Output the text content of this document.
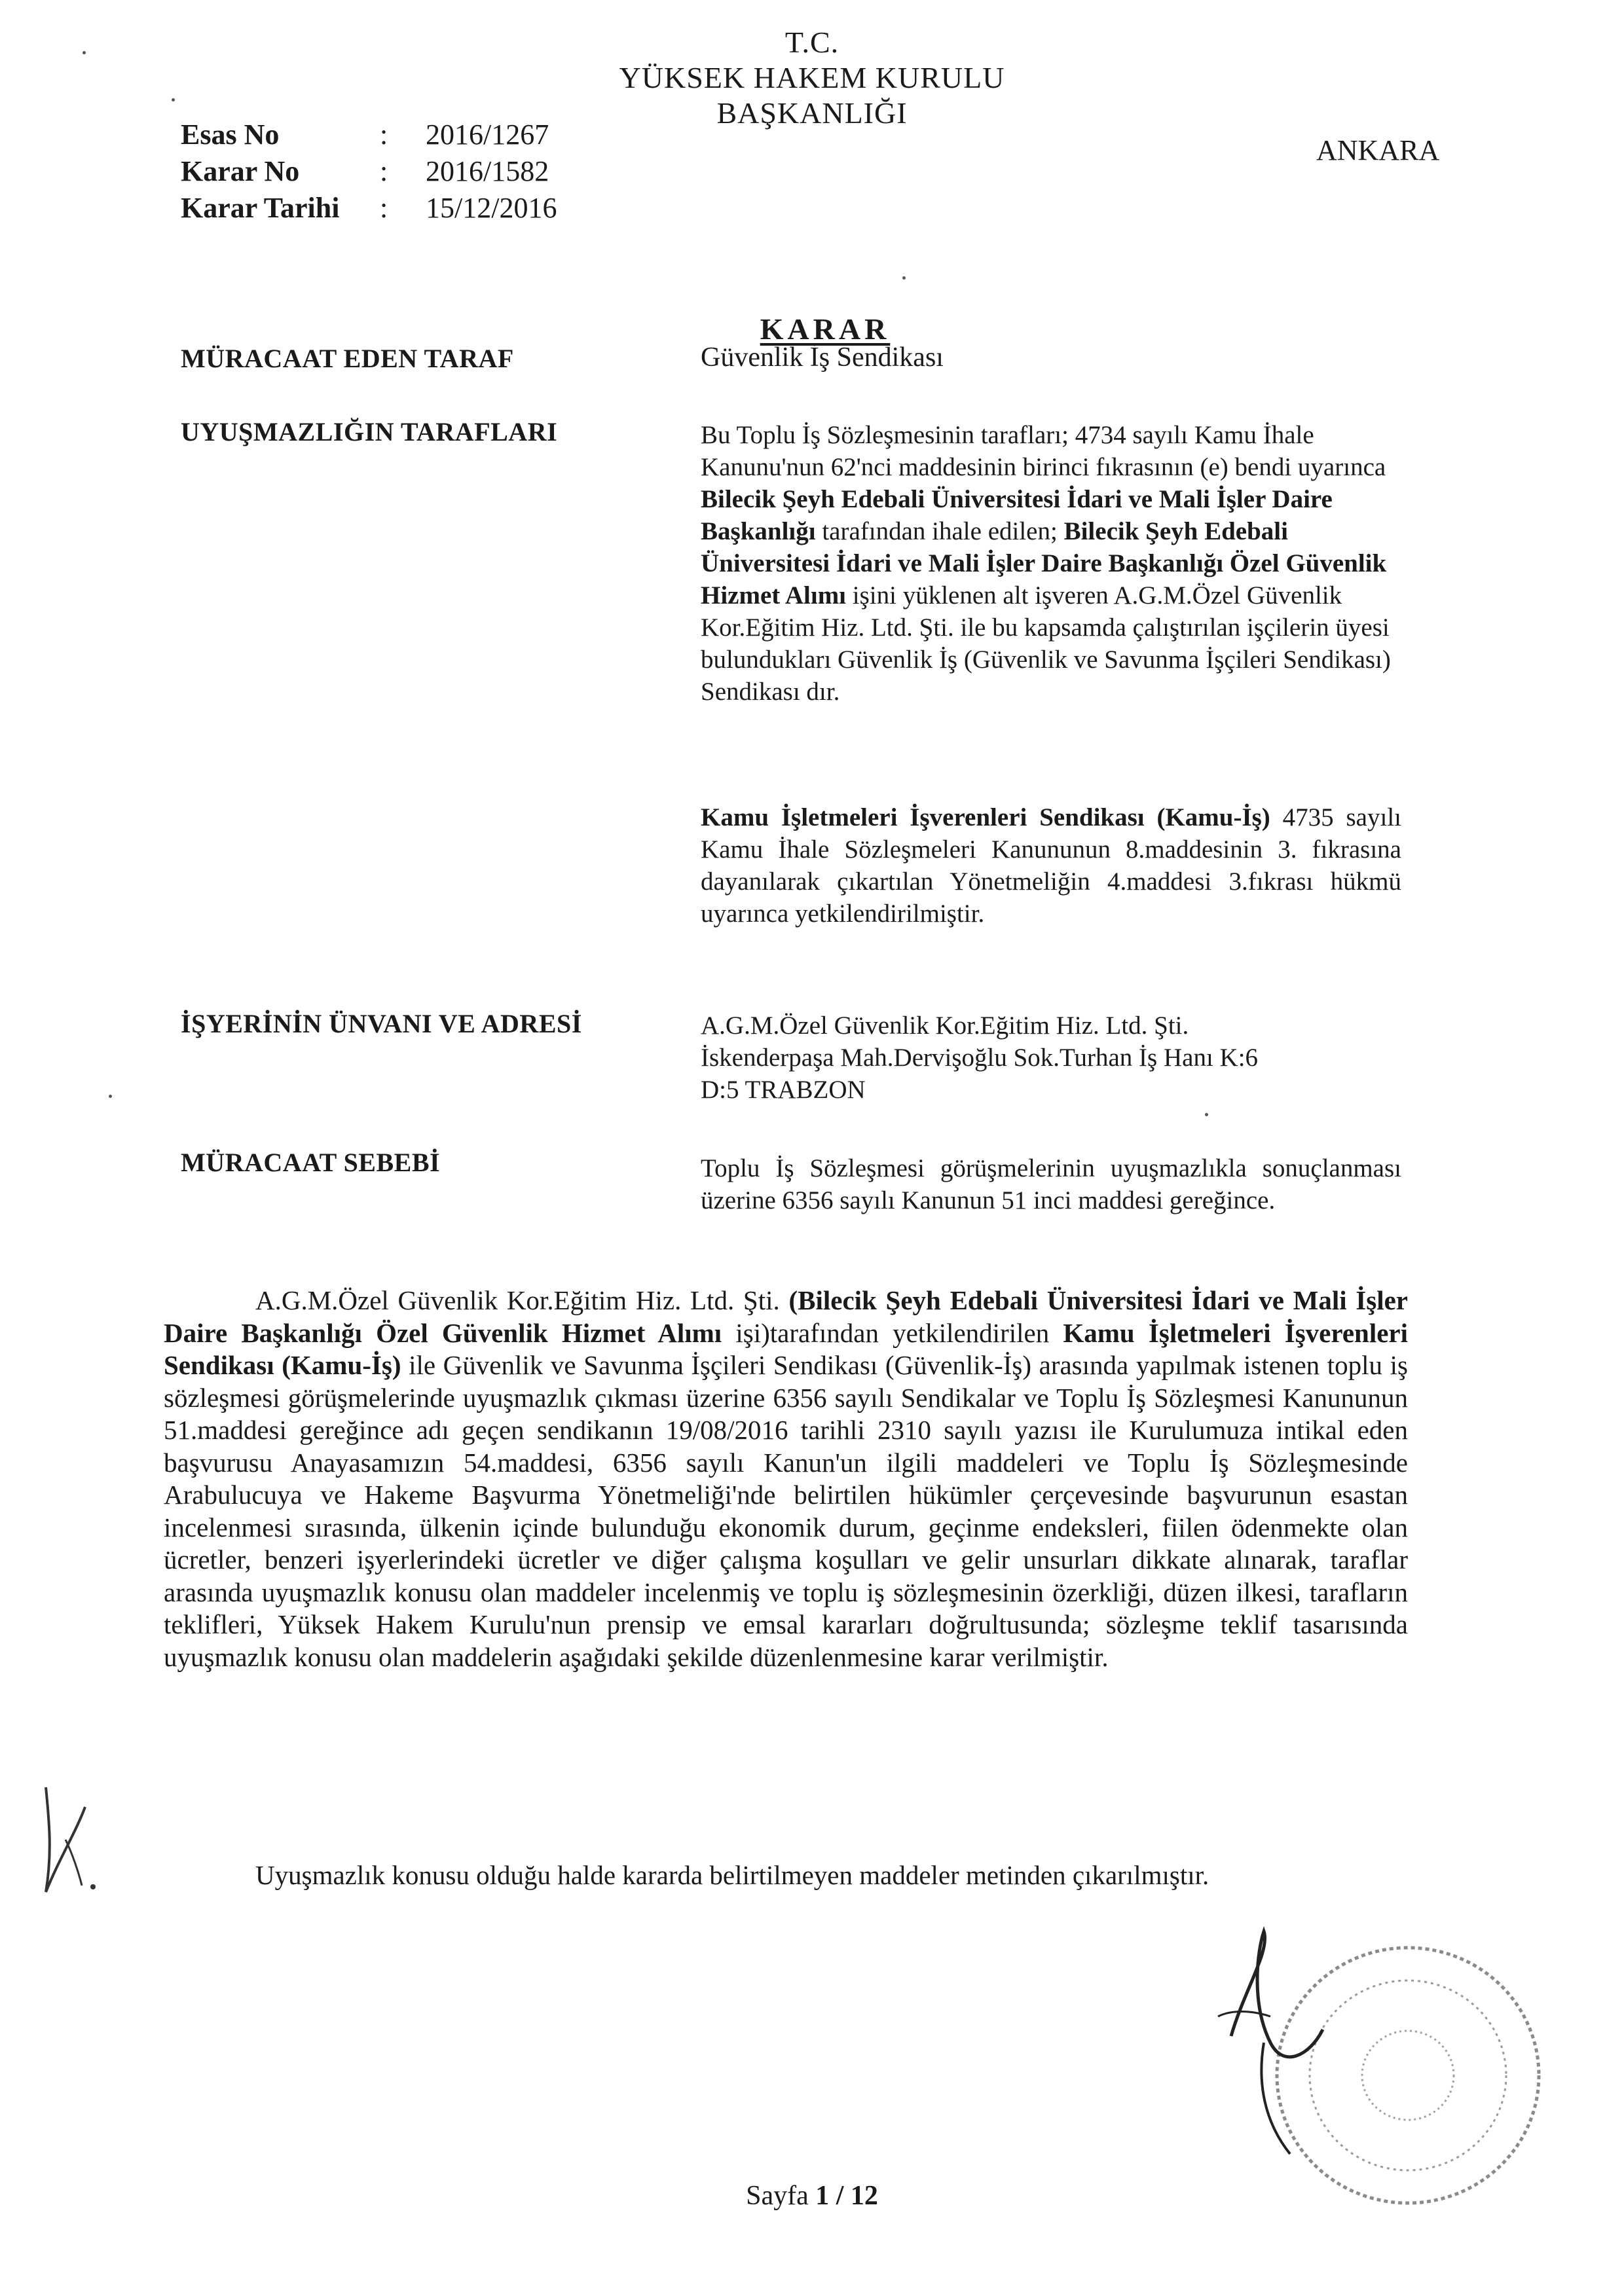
T.C.
YÜKSEK HAKEM KURULU
BAŞKANLIĞI
ANKARA
Esas No	: 2016/1267
Karar No	: 2016/1582
Karar Tarihi : 15/12/2016
KARAR
MÜRACAAT EDEN TARAF	Güvenlik İş Sendikası
UYUŞMAZLIĞIN TARAFLARI	Bu Toplu İş Sözleşmesinin tarafları; 4734 sayılı Kamu İhale Kanunu'nun 62'nci maddesinin birinci fıkrasının (e) bendi uyarınca Bilecik Şeyh Edebali Üniversitesi İdari ve Mali İşler Daire Başkanlığı tarafından ihale edilen; Bilecik Şeyh Edebali Üniversitesi İdari ve Mali İşler Daire Başkanlığı Özel Güvenlik Hizmet Alımı işini yüklenen alt işveren A.G.M.Özel Güvenlik Kor.Eğitim Hiz. Ltd. Şti. ile bu kapsamda çalıştırılan işçilerin üyesi bulundukları Güvenlik İş (Güvenlik ve Savunma İşçileri Sendikası) Sendikası dır.
Kamu İşletmeleri İşverenleri Sendikası (Kamu-İş) 4735 sayılı Kamu İhale Sözleşmeleri Kanununun 8.maddesinin 3. fıkrasına dayanılarak çıkartılan Yönetmeliğin 4.maddesi 3.fıkrası hükmü uyarınca yetkilendirilmiştir.
İŞYERİNİN ÜNVANI VE ADRESİ	A.G.M.Özel Güvenlik Kor.Eğitim Hiz. Ltd. Şti.
İskenderpaşa Mah.Dervişoğlu Sok.Turhan İş Hanı K:6
D:5 TRABZON
MÜRACAAT SEBEBİ	Toplu İş Sözleşmesi görüşmelerinin uyuşmazlıkla sonuçlanması üzerine 6356 sayılı Kanunun 51 inci maddesi gereğince.
A.G.M.Özel Güvenlik Kor.Eğitim Hiz. Ltd. Şti. (Bilecik Şeyh Edebali Üniversitesi İdari ve Mali İşler Daire Başkanlığı Özel Güvenlik Hizmet Alımı işi)tarafından yetkilendirilen Kamu İşletmeleri İşverenleri Sendikası (Kamu-İş) ile Güvenlik ve Savunma İşçileri Sendikası (Güvenlik-İş) arasında yapılmak istenen toplu iş sözleşmesi görüşmelerinde uyuşmazlık çıkması üzerine 6356 sayılı Sendikalar ve Toplu İş Sözleşmesi Kanununun 51.maddesi gereğince adı geçen sendikanın 19/08/2016 tarihli 2310 sayılı yazısı ile Kurulumuza intikal eden başvurusu Anayasamızın 54.maddesi, 6356 sayılı Kanun'un ilgili maddeleri ve Toplu İş Sözleşmesinde Arabulucuya ve Hakeme Başvurma Yönetmeliği'nde belirtilen hükümler çerçevesinde başvurunun esastan incelenmesi sırasında, ülkenin içinde bulunduğu ekonomik durum, geçinme endeksleri, fiilen ödenmekte olan ücretler, benzeri işyerlerindeki ücretler ve diğer çalışma koşulları ve gelir unsurları dikkate alınarak, taraflar arasında uyuşmazlık konusu olan maddeler incelenmiş ve toplu iş sözleşmesinin özerkliği, düzen ilkesi, tarafların teklifleri, Yüksek Hakem Kurulu'nun prensip ve emsal kararları doğrultusunda; sözleşme teklif tasarısında uyuşmazlık konusu olan maddelerin aşağıdaki şekilde düzenlenmesine karar verilmiştir.
Uyuşmazlık konusu olduğu halde kararda belirtilmeyen maddeler metinden çıkarılmıştır.
Sayfa 1 / 12
